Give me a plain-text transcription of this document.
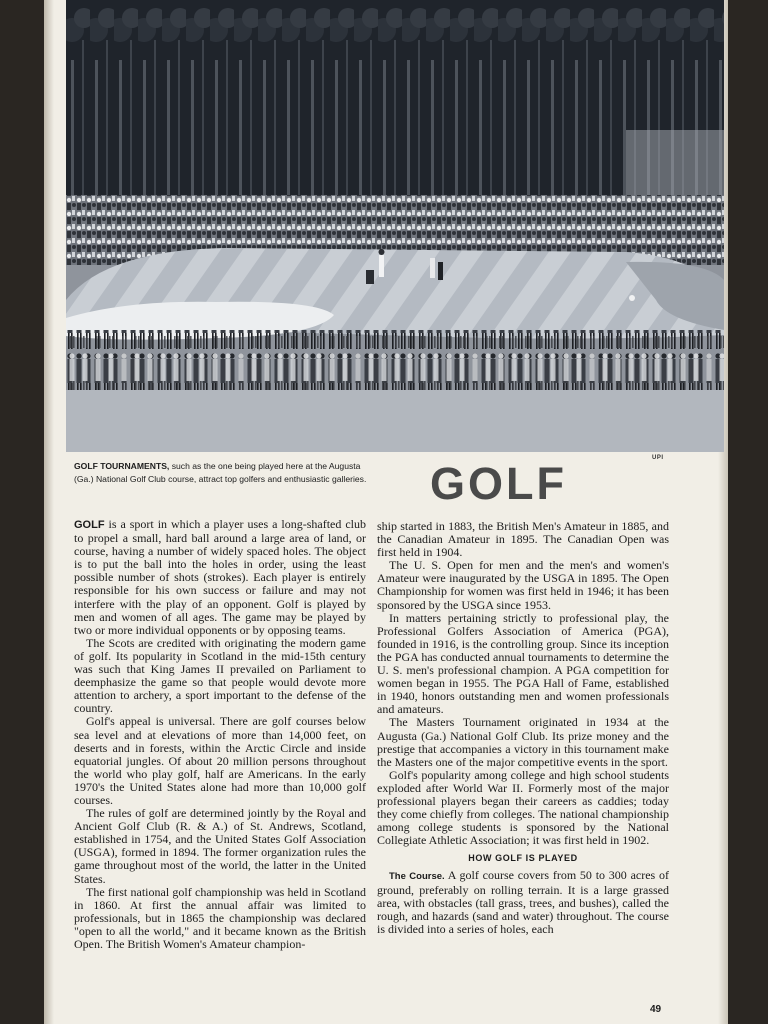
UPI
GOLF TOURNAMENTS, such as the one being played here at the Augusta (Ga.) National Golf Club course, attract top golfers and enthusiastic galleries. GOLF

GOLF is a sport in which a player uses a long-shafted club to propel a small, hard ball around a large area of land, or course, having a number of widely spaced holes. The object is to put the ball into the holes in order, using the least possible number of shots (strokes). Each player is entirely responsible for his own success or failure and may not interfere with the play of an opponent. Golf is played by men and women of all ages. The game may be played by two or more individual opponents or by opposing teams.

The Scots are credited with originating the modern game of golf. Its popularity in Scotland in the mid-15th century was such that King James II prevailed on Parliament to deemphasize the game so that people would devote more attention to archery, a sport important to the defense of the country.

Golf's appeal is universal. There are golf courses below sea level and at elevations of more than 14,000 feet, on deserts and in forests, within the Arctic Circle and inside equatorial jungles. Of about 20 million persons throughout the world who play golf, half are Americans. In the early 1970's the United States alone had more than 10,000 golf courses.

The rules of golf are determined jointly by the Royal and Ancient Golf Club (R. & A.) of St. Andrews, Scotland, established in 1754, and the United States Golf Association (USGA), formed in 1894. The former organization rules the game throughout most of the world, the latter in the United States.

The first national golf championship was held in Scotland in 1860. At first the annual affair was limited to professionals, but in 1865 the championship was declared "open to all the world," and it became known as the British Open. The British Women's Amateur champion-

ship started in 1883, the British Men's Amateur in 1885, and the Canadian Amateur in 1895. The Canadian Open was first held in 1904.

The U. S. Open for men and the men's and women's Amateur were inaugurated by the USGA in 1895. The Open Championship for women was first held in 1946; it has been sponsored by the USGA since 1953.

In matters pertaining strictly to professional play, the Professional Golfers Association of America (PGA), founded in 1916, is the controlling group. Since its inception the PGA has conducted annual tournaments to determine the U. S. men's professional champion. A PGA competition for women began in 1955. The PGA Hall of Fame, established in 1940, honors outstanding men and women professionals and amateurs.

The Masters Tournament originated in 1934 at the Augusta (Ga.) National Golf Club. Its prize money and the prestige that accompanies a victory in this tournament make the Masters one of the major competitive events in the sport.

Golf's popularity among college and high school students exploded after World War II. Formerly most of the major professional players began their careers as caddies; today they come chiefly from colleges. The national championship among college students is sponsored by the National Collegiate Athletic Association; it was first held in 1902.

HOW GOLF IS PLAYED

The Course. A golf course covers from 50 to 300 acres of ground, preferably on rolling terrain. It is a large grassed area, with obstacles (tall grass, trees, and bushes), called the rough, and hazards (sand and water) throughout. The course is divided into a series of holes, each

49
